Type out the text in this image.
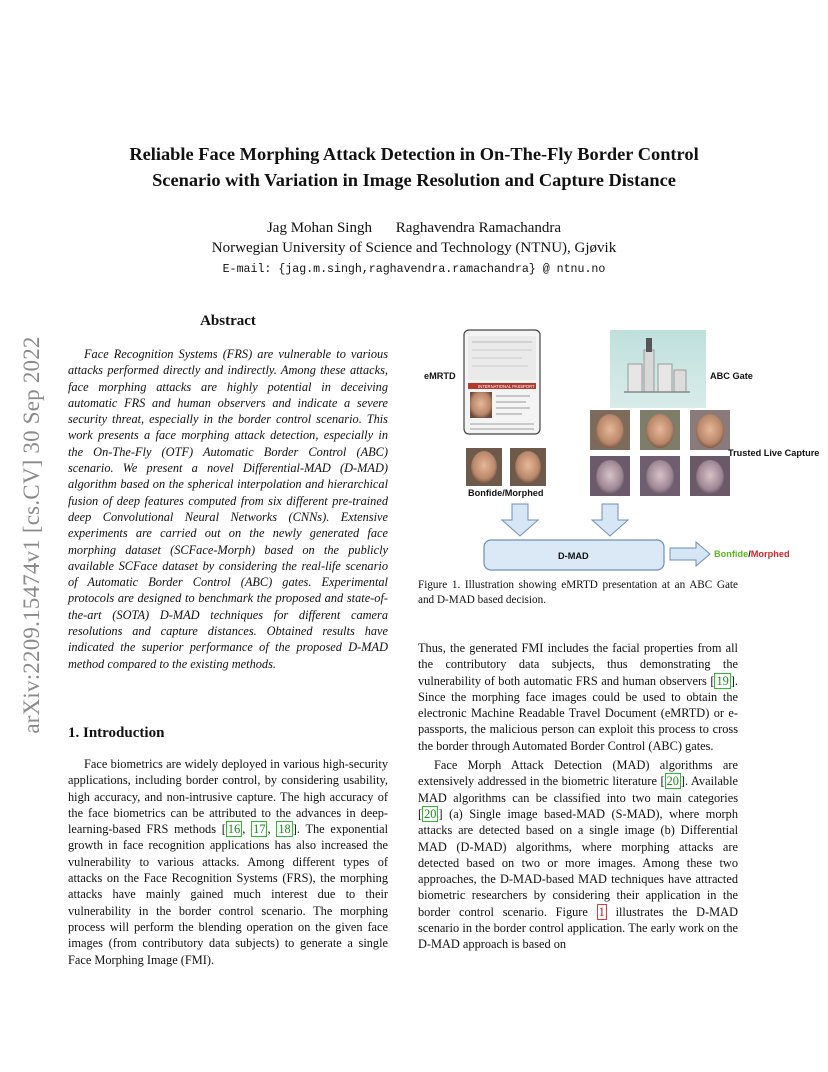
arXiv:2209.15474v1 [cs.CV] 30 Sep 2022
Reliable Face Morphing Attack Detection in On-The-Fly Border Control
Scenario with Variation in Image Resolution and Capture Distance
Jag Mohan Singh Raghavendra Ramachandra
Norwegian University of Science and Technology (NTNU), Gjøvik
E-mail: {jag.m.singh,raghavendra.ramachandra} @ ntnu.no
Abstract
Face Recognition Systems (FRS) are vulnerable to various attacks performed directly and indirectly. Among these attacks, face morphing attacks are highly potential in deceiving automatic FRS and human observers and indicate a severe security threat, especially in the border control scenario. This work presents a face morphing attack detection, especially in the On-The-Fly (OTF) Automatic Border Control (ABC) scenario. We present a novel Differential-MAD (D-MAD) algorithm based on the spherical interpolation and hierarchical fusion of deep features computed from six different pre-trained deep Convolutional Neural Networks (CNNs). Extensive experiments are carried out on the newly generated face morphing dataset (SCFace-Morph) based on the publicly available SCFace dataset by considering the real-life scenario of Automatic Border Control (ABC) gates. Experimental protocols are designed to benchmark the proposed and state-of-the-art (SOTA) D-MAD techniques for different camera resolutions and capture distances. Obtained results have indicated the superior performance of the proposed D-MAD method compared to the existing methods.
1. Introduction
Face biometrics are widely deployed in various high-security applications, including border control, by considering usability, high accuracy, and non-intrusive capture. The high accuracy of the face biometrics can be attributed to the advances in deep-learning-based FRS methods [ 16 , 17 , 18 ]. The exponential growth in face recognition applications has also increased the vulnerability to various attacks. Among different types of attacks on the Face Recognition Systems (FRS), the morphing attacks have mainly gained much interest due to their vulnerability in the border control scenario. The morphing process will perform the blending operation on the given face images (from contributory data subjects) to generate a single Face Morphing Image (FMI).
INTERNATIONAL PASSPORT
eMRTD	ABC Gate
Trusted Live Capture
Bonfide/Morphed
D-MAD	Bonfide/Morphed
Figure 1. Illustration showing eMRTD presentation at an ABC Gate and D-MAD based decision.

Thus, the generated FMI includes the facial properties from all the contributory data subjects, thus demonstrating the vulnerability of both automatic FRS and human observers [ 19 ]. Since the morphing face images could be used to obtain the electronic Machine Readable Travel Document (eMRTD) or e-passports, the malicious person can exploit this process to cross the border through Automated Border Control (ABC) gates.

Face Morph Attack Detection (MAD) algorithms are extensively addressed in the biometric literature [ 20 ]. Available MAD algorithms can be classified into two main categories [ 20 ] (a) Single image based-MAD (S-MAD), where morph attacks are detected based on a single image (b) Differential MAD (D-MAD) algorithms, where morphing attacks are detected based on two or more images. Among these two approaches, the D-MAD-based MAD techniques have attracted biometric researchers by considering their application in the border control scenario. Figure 1 illustrates the D-MAD scenario in the border control application. The early work on the D-MAD approach is based on
